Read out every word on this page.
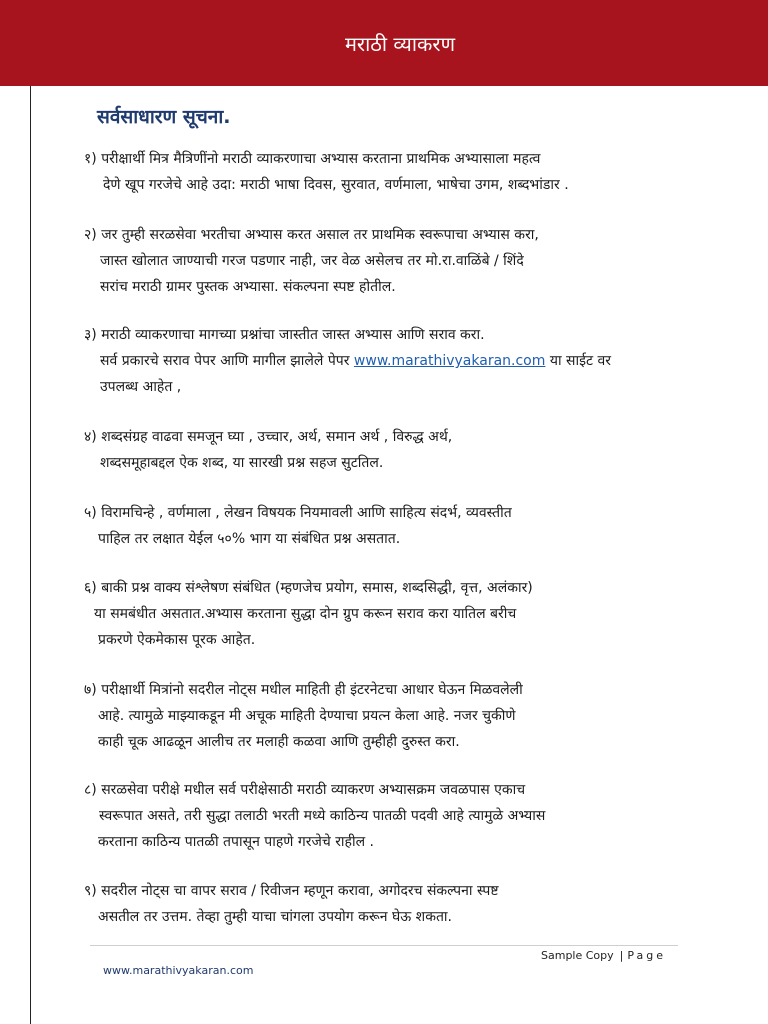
मराठी व्याकरण
सर्वसाधारण सूचना.
१) परीक्षार्थी मित्र मैत्रिणींनो मराठी व्याकरणाचा अभ्यास करताना प्राथमिक अभ्यासाला महत्व
देणे खूप गरजेचे आहे उदा: मराठी भाषा दिवस, सुरवात, वर्णमाला, भाषेचा उगम, शब्दभांडार .
२) जर तुम्ही सरळसेवा भरतीचा अभ्यास करत असाल तर प्राथमिक स्वरूपाचा अभ्यास करा,
जास्त खोलात जाण्याची गरज पडणार नाही, जर वेळ असेलच तर मो.रा.वाळिंबे / शिंदे
सरांच मराठी ग्रामर पुस्तक अभ्यासा. संकल्पना स्पष्ट होतील.
३) मराठी व्याकरणाचा मागच्या प्रश्नांचा जास्तीत जास्त अभ्यास आणि सराव करा.
सर्व प्रकारचे सराव पेपर आणि मागील झालेले पेपर www.marathivyakaran.com या साईट वर
उपलब्ध आहेत ,
४) शब्दसंग्रह वाढवा समजून घ्या , उच्चार, अर्थ, समान अर्थ , विरुद्ध अर्थ,
शब्दसमूहाबद्दल ऐक शब्द, या सारखी प्रश्न सहज सुटतिल.
५) विरामचिन्हे , वर्णमाला , लेखन विषयक नियमावली आणि साहित्य संदर्भ, व्यवस्तीत
पाहिल तर लक्षात येईल ५०% भाग या संबंधित प्रश्न असतात.
६) बाकी प्रश्न वाक्य संश्लेषण संबंधित (म्हणजेच प्रयोग, समास, शब्दसिद्धी, वृत्त, अलंकार)
या समबंधीत असतात.अभ्यास करताना सुद्धा दोन ग्रुप करून सराव करा यातिल बरीच
प्रकरणे ऐकमेकास पूरक आहेत.
७) परीक्षार्थी मित्रांनो सदरील नोट्स मधील माहिती ही इंटरनेटचा आधार घेऊन मिळवलेली
आहे. त्यामुळे माझ्याकडून मी अचूक माहिती देण्याचा प्रयत्न केला आहे. नजर चुकीणे
काही चूक आढळून आलीच तर मलाही कळवा आणि तुम्हीही दुरुस्त करा.
८) सरळसेवा परीक्षे मधील सर्व परीक्षेसाठी मराठी व्याकरण अभ्यासक्रम जवळपास एकाच
स्वरूपात असते, तरी सुद्धा तलाठी भरती मध्ये काठिन्य पातळी पदवी आहे त्यामुळे अभ्यास
करताना काठिन्य पातळी तपासून पाहणे गरजेचे राहील .
९) सदरील नोट्स चा वापर सराव / रिवीजन म्हणून करावा, अगोदरच संकल्पना स्पष्ट
असतील तर उत्तम. तेव्हा तुम्ही याचा चांगला उपयोग करून घेऊ शकता.
Sample Copy | Page
www.marathivyakaran.com
